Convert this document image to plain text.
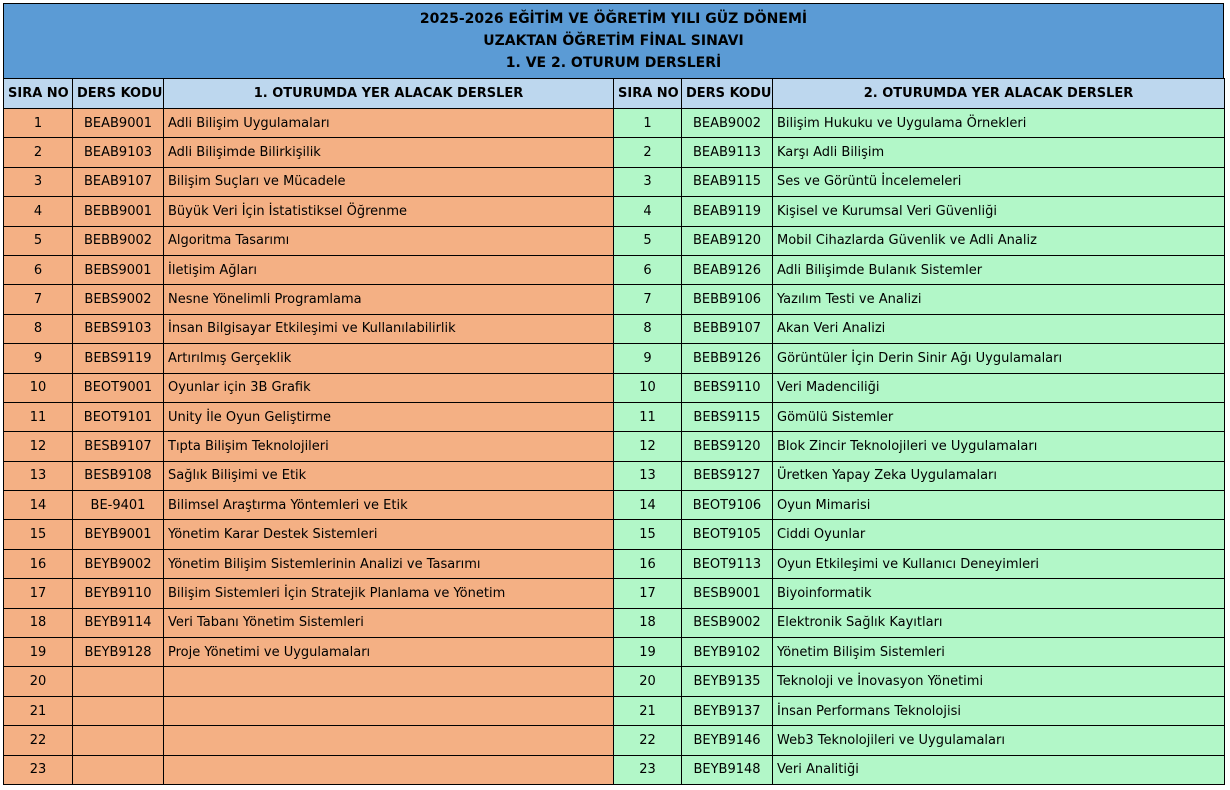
2025-2026 EĞİTİM VE ÖĞRETİM YILI GÜZ DÖNEMİ
UZAKTAN ÖĞRETİM FİNAL SINAVI
1. VE 2. OTURUM DERSLERİ
SIRA NO	DERS KODU	1. OTURUMDA YER ALACAK DERSLER	SIRA NO	DERS KODU	2. OTURUMDA YER ALACAK DERSLER
1	BEAB9001	Adli Bilişim Uygulamaları	1	BEAB9002	Bilişim Hukuku ve Uygulama Örnekleri
2	BEAB9103	Adli Bilişimde Bilirkişilik	2	BEAB9113	Karşı Adli Bilişim
3	BEAB9107	Bilişim Suçları ve Mücadele	3	BEAB9115	Ses ve Görüntü İncelemeleri
4	BEBB9001	Büyük Veri İçin İstatistiksel Öğrenme	4	BEAB9119	Kişisel ve Kurumsal Veri Güvenliği
5	BEBB9002	Algoritma Tasarımı	5	BEAB9120	Mobil Cihazlarda Güvenlik ve Adli Analiz
6	BEBS9001	İletişim Ağları	6	BEAB9126	Adli Bilişimde Bulanık Sistemler
7	BEBS9002	Nesne Yönelimli Programlama	7	BEBB9106	Yazılım Testi ve Analizi
8	BEBS9103	İnsan Bilgisayar Etkileşimi ve Kullanılabilirlik	8	BEBB9107	Akan Veri Analizi
9	BEBS9119	Artırılmış Gerçeklik	9	BEBB9126	Görüntüler İçin Derin Sinir Ağı Uygulamaları
10	BEOT9001	Oyunlar için 3B Grafik	10	BEBS9110	Veri Madenciliği
11	BEOT9101	Unity İle Oyun Geliştirme	11	BEBS9115	Gömülü Sistemler
12	BESB9107	Tıpta Bilişim Teknolojileri	12	BEBS9120	Blok Zincir Teknolojileri ve Uygulamaları
13	BESB9108	Sağlık Bilişimi ve Etik	13	BEBS9127	Üretken Yapay Zeka Uygulamaları
14	BE-9401	Bilimsel Araştırma Yöntemleri ve Etik	14	BEOT9106	Oyun Mimarisi
15	BEYB9001	Yönetim Karar Destek Sistemleri	15	BEOT9105	Ciddi Oyunlar
16	BEYB9002	Yönetim Bilişim Sistemlerinin Analizi ve Tasarımı	16	BEOT9113	Oyun Etkileşimi ve Kullanıcı Deneyimleri
17	BEYB9110	Bilişim Sistemleri İçin Stratejik Planlama ve Yönetim	17	BESB9001	Biyoinformatik
18	BEYB9114	Veri Tabanı Yönetim Sistemleri	18	BESB9002	Elektronik Sağlık Kayıtları
19	BEYB9128	Proje Yönetimi ve Uygulamaları	19	BEYB9102	Yönetim Bilişim Sistemleri
20			20	BEYB9135	Teknoloji ve İnovasyon Yönetimi
21			21	BEYB9137	İnsan Performans Teknolojisi
22			22	BEYB9146	Web3 Teknolojileri ve Uygulamaları
23			23	BEYB9148	Veri Analitiği
